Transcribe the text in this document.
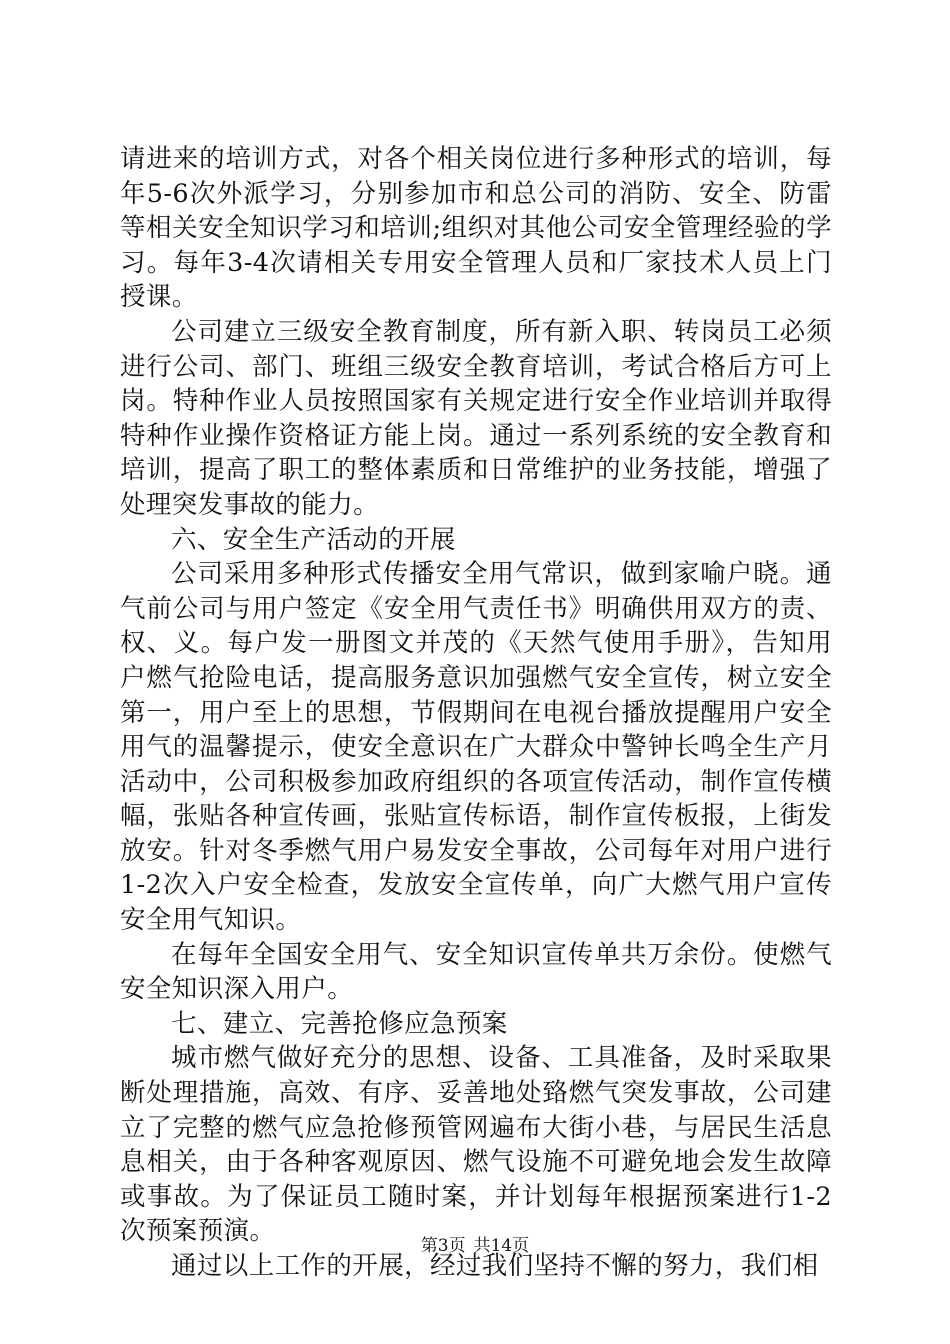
请进来的培训方式，对各个相关岗位进行多种形式的培训，每年5-6次外派学习，分别参加市和总公司的消防、安全、防雷等相关安全知识学习和培训;组织对其他公司安全管理经验的学习。每年3-4次请相关专用安全管理人员和厂家技术人员上门授课。

公司建立三级安全教育制度，所有新入职、转岗员工必须进行公司、部门、班组三级安全教育培训，考试合格后方可上岗。特种作业人员按照国家有关规定进行安全作业培训并取得特种作业操作资格证方能上岗。通过一系列系统的安全教育和培训，提高了职工的整体素质和日常维护的业务技能，增强了处理突发事故的能力。

六、安全生产活动的开展

公司采用多种形式传播安全用气常识，做到家喻户晓。通气前公司与用户签定《安全用气责任书》明确供用双方的责、权、义。每户发一册图文并茂的《天然气使用手册》，告知用户燃气抢险电话，提高服务意识加强燃气安全宣传，树立安全第一，用户至上的思想，节假期间在电视台播放提醒用户安全用气的温馨提示，使安全意识在广大群众中警钟长鸣全生产月活动中，公司积极参加政府组织的各项宣传活动，制作宣传横幅，张贴各种宣传画，张贴宣传标语，制作宣传板报，上街发放安。针对冬季燃气用户易发安全事故，公司每年对用户进行1-2次入户安全检查，发放安全宣传单，向广大燃气用户宣传安全用气知识。

在每年全国安全用气、安全知识宣传单共万余份。使燃气安全知识深入用户。

七、建立、完善抢修应急预案

城市燃气做好充分的思想、设备、工具准备，及时采取果断处理措施，高效、有序、妥善地处臵燃气突发事故，公司建立了完整的燃气应急抢修预管网遍布大街小巷，与居民生活息息相关，由于各种客观原因、燃气设施不可避免地会发生故障或事故。为了保证员工随时案，并计划每年根据预案进行1-2次预案预演。

通过以上工作的开展，经过我们坚持不懈的努力，我们相

第3页 共14页
